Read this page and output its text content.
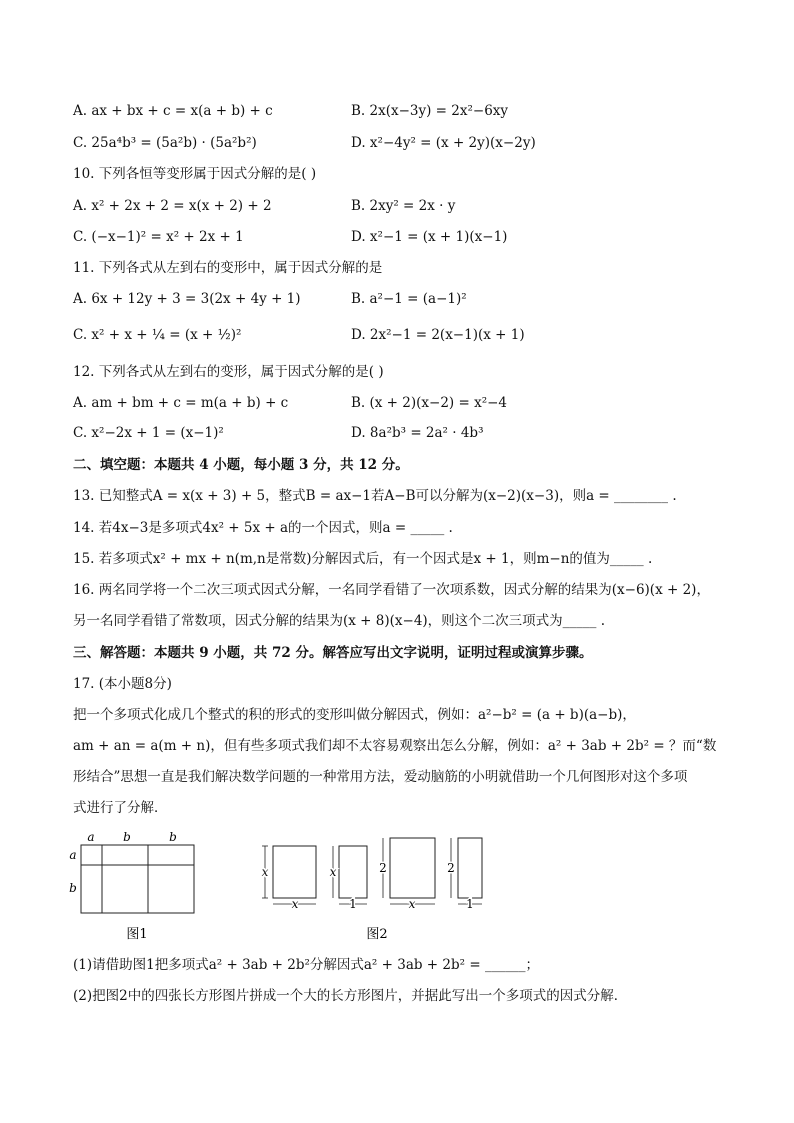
A. ax + bx + c = x(a + b) + c	B. 2x(x−3y) = 2x²−6xy
C. 25a⁴b³ = (5a²b) · (5a²b²)	D. x²−4y² = (x + 2y)(x−2y)
10. 下列各恒等变形属于因式分解的是( )
A. x² + 2x + 2 = x(x + 2) + 2	B. 2xy² = 2x · y
C. (−x−1)² = x² + 2x + 1	D. x²−1 = (x + 1)(x−1)
11. 下列各式从左到右的变形中，属于因式分解的是
A. 6x + 12y + 3 = 3(2x + 4y + 1)	B. a²−1 = (a−1)²
C. x² + x + ¼ = (x + ½)²	D. 2x²−1 = 2(x−1)(x + 1)
12. 下列各式从左到右的变形，属于因式分解的是( )
A. am + bm + c = m(a + b) + c	B. (x + 2)(x−2) = x²−4
C. x²−2x + 1 = (x−1)²	D. 8a²b³ = 2a² · 4b³
二、填空题：本题共 4 小题，每小题 3 分，共 12 分。
13. 已知整式A = x(x + 3) + 5，整式B = ax−1若A−B可以分解为(x−2)(x−3)，则a = ________ .
14. 若4x−3是多项式4x² + 5x + a的一个因式，则a = _____ .
15. 若多项式x² + mx + n(m,n是常数)分解因式后，有一个因式是x + 1，则m−n的值为_____ .
16. 两名同学将一个二次三项式因式分解，一名同学看错了一次项系数，因式分解的结果为(x−6)(x + 2)，
另一名同学看错了常数项，因式分解的结果为(x + 8)(x−4)，则这个二次三项式为_____ .
三、解答题：本题共 9 小题，共 72 分。解答应写出文字说明，证明过程或演算步骤。
17. (本小题8分)
把一个多项式化成几个整式的积的形式的变形叫做分解因式，例如：a²−b² = (a + b)(a−b)，
am + an = a(m + n)，但有些多项式我们却不太容易观察出怎么分解，例如：a² + 3ab + 2b² = ？而“数
形结合”思想一直是我们解决数学问题的一种常用方法，爱动脑筋的小明就借助一个几何图形对这个多项
式进行了分解．
a b	b
a
b
图1
x
x
x
1
2
x
2
1
图2
(1)请借助图1把多项式a² + 3ab + 2b²分解因式a² + 3ab + 2b² = ______；
(2)把图2中的四张长方形图片拼成一个大的长方形图片，并据此写出一个多项式的因式分解．
